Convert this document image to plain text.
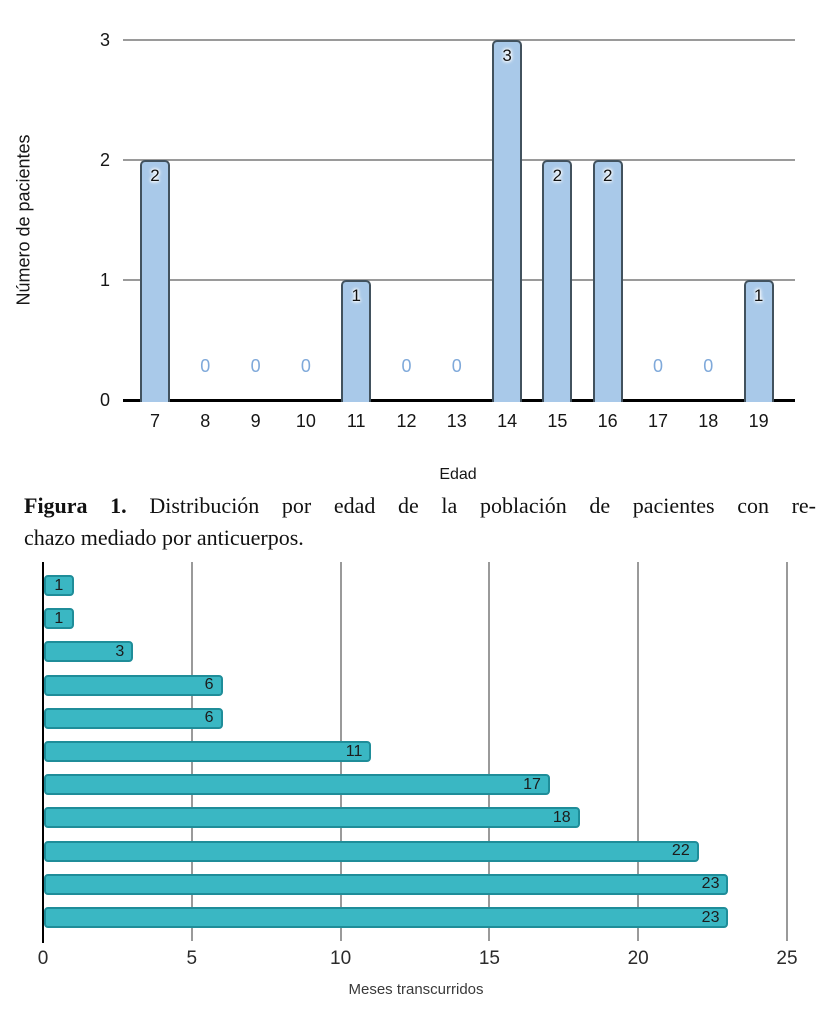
Número de pacientes
Edad
0
1
2
3
7
2
8
0
9
0
10
0
11
1
12
0
13
0
14
3
15
2
16
2
17
0
18
0
19
1
Figura 1. Distribución por edad de la población de pacientes con re-
chazo mediado por anticuerpos.
Meses transcurridos
0	5	10	15	20	25
1
1
3
6
6
11
17
18
22
23
23
